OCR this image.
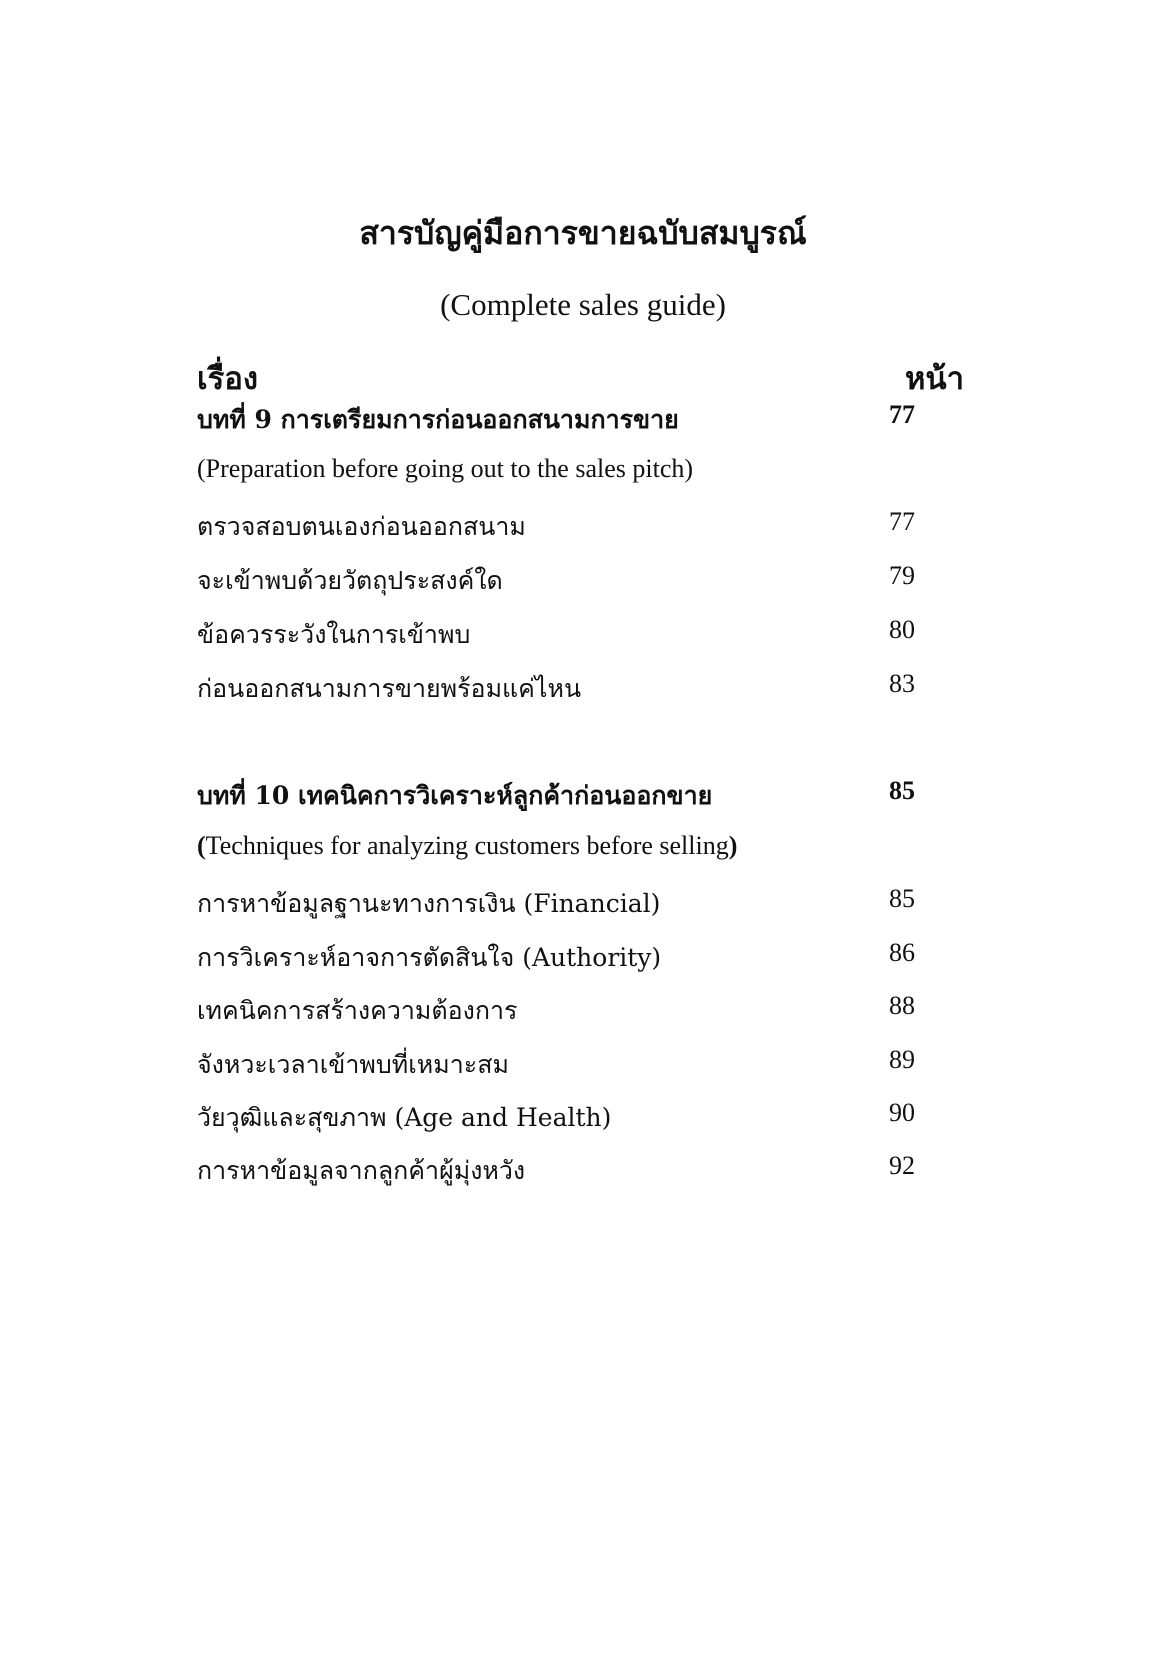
สารบัญคู่มือการขายฉบับสมบูรณ์
(Complete sales guide)
เรื่อง	หน้า
บทที่ 9 การเตรียมการก่อนออกสนามการขาย	77
(Preparation before going out to the sales pitch)
ตรวจสอบตนเองก่อนออกสนาม	77
จะเข้าพบด้วยวัตถุประสงค์ใด	79
ข้อควรระวังในการเข้าพบ	80
ก่อนออกสนามการขายพร้อมแค่ไหน	83
บทที่ 10 เทคนิคการวิเคราะห์ลูกค้าก่อนออกขาย	85
(Techniques for analyzing customers before selling)
การหาข้อมูลฐานะทางการเงิน (Financial)	85
การวิเคราะห์อาจการตัดสินใจ (Authority)	86
เทคนิคการสร้างความต้องการ	88
จังหวะเวลาเข้าพบที่เหมาะสม	89
วัยวุฒิและสุขภาพ (Age and Health)	90
การหาข้อมูลจากลูกค้าผู้มุ่งหวัง	92
